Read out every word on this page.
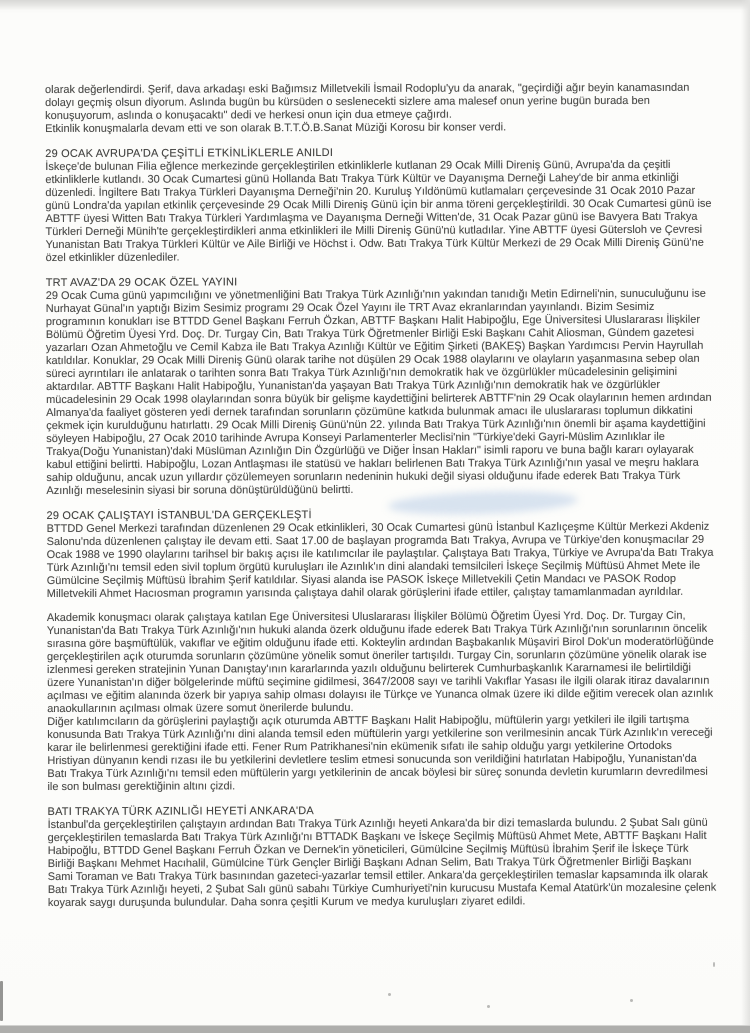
olarak değerlendirdi. Şerif, dava arkadaşı eski Bağımsız Milletvekili İsmail Rodoplu'yu da anarak, "geçirdiği ağır beyin kanamasından dolayı geçmiş olsun diyorum. Aslında bugün bu kürsüden o seslenecekti sizlere ama malesef onun yerine bugün burada ben konuşuyorum, aslında o konuşacaktı" dedi ve herkesi onun için dua etmeye çağırdı.

Etkinlik konuşmalarla devam etti ve son olarak B.T.T.Ö.B.Sanat Müziği Korosu bir konser verdi.

29 OCAK AVRUPA'DA ÇEŞİTLİ ETKİNLİKLERLE ANILDI

İskeçe'de bulunan Filia eğlence merkezinde gerçekleştirilen etkinliklerle kutlanan 29 Ocak Milli Direniş Günü, Avrupa'da da çeşitli etkinliklerle kutlandı. 30 Ocak Cumartesi günü Hollanda Batı Trakya Türk Kültür ve Dayanışma Derneği Lahey'de bir anma etkinliği düzenledi. İngiltere Batı Trakya Türkleri Dayanışma Derneği'nin 20. Kuruluş Yıldönümü kutlamaları çerçevesinde 31 Ocak 2010 Pazar günü Londra'da yapılan etkinlik çerçevesinde 29 Ocak Milli Direniş Günü için bir anma töreni gerçekleştirildi. 30 Ocak Cumartesi günü ise ABTTF üyesi Witten Batı Trakya Türkleri Yardımlaşma ve Dayanışma Derneği Witten'de, 31 Ocak Pazar günü ise Bavyera Batı Trakya Türkleri Derneği Münih'te gerçekleştirdikleri anma etkinlikleri ile Milli Direniş Günü'nü kutladılar. Yine ABTTF üyesi Gütersloh ve Çevresi Yunanistan Batı Trakya Türkleri Kültür ve Aile Birliği ve Höchst i. Odw. Batı Trakya Türk Kültür Merkezi de 29 Ocak Milli Direniş Günü'ne özel etkinlikler düzenlediler.

TRT AVAZ'DA 29 OCAK ÖZEL YAYINI

29 Ocak Cuma günü yapımcılığını ve yönetmenliğini Batı Trakya Türk Azınlığı'nın yakından tanıdığı Metin Edirneli'nin, sunuculuğunu ise Nurhayat Günal'ın yaptığı Bizim Sesimiz programı 29 Ocak Özel Yayını ile TRT Avaz ekranlarından yayınlandı. Bizim Sesimiz programının konukları ise BTTDD Genel Başkanı Ferruh Özkan, ABTTF Başkanı Halit Habipoğlu, Ege Üniversitesi Uluslararası İlişkiler Bölümü Öğretim Üyesi Yrd. Doç. Dr. Turgay Cin, Batı Trakya Türk Öğretmenler Birliği Eski Başkanı Cahit Aliosman, Gündem gazetesi yazarları Ozan Ahmetoğlu ve Cemil Kabza ile Batı Trakya Azınlığı Kültür ve Eğitim Şirketi (BAKEŞ) Başkan Yardımcısı Pervin Hayrullah katıldılar. Konuklar, 29 Ocak Milli Direniş Günü olarak tarihe not düşülen 29 Ocak 1988 olaylarını ve olayların yaşanmasına sebep olan süreci ayrıntıları ile anlatarak o tarihten sonra Batı Trakya Türk Azınlığı'nın demokratik hak ve özgürlükler mücadelesinin gelişimini aktardılar. ABTTF Başkanı Halit Habipoğlu, Yunanistan'da yaşayan Batı Trakya Türk Azınlığı'nın demokratik hak ve özgürlükler mücadelesinin 29 Ocak 1998 olaylarından sonra büyük bir gelişme kaydettiğini belirterek ABTTF'nin 29 Ocak olaylarının hemen ardından Almanya'da faaliyet gösteren yedi dernek tarafından sorunların çözümüne katkıda bulunmak amacı ile uluslararası toplumun dikkatini çekmek için kurulduğunu hatırlattı. 29 Ocak Milli Direniş Günü'nün 22. yılında Batı Trakya Türk Azınlığı'nın önemli bir aşama kaydettiğini söyleyen Habipoğlu, 27 Ocak 2010 tarihinde Avrupa Konseyi Parlamenterler Meclisi'nin "Türkiye'deki Gayri-Müslim Azınlıklar ile Trakya(Doğu Yunanistan)'daki Müslüman Azınlığın Din Özgürlüğü ve Diğer İnsan Hakları" isimli raporu ve buna bağlı kararı oylayarak kabul ettiğini belirtti. Habipoğlu, Lozan Antlaşması ile statüsü ve hakları belirlenen Batı Trakya Türk Azınlığı'nın yasal ve meşru haklara sahip olduğunu, ancak uzun yıllardır çözülemeyen sorunların nedeninin hukuki değil siyasi olduğunu ifade ederek Batı Trakya Türk Azınlığı meselesinin siyasi bir soruna dönüştürüldüğünü belirtti.

29 OCAK ÇALIŞTAYI İSTANBUL'DA GERÇEKLEŞTİ

BTTDD Genel Merkezi tarafından düzenlenen 29 Ocak etkinlikleri, 30 Ocak Cumartesi günü İstanbul Kazlıçeşme Kültür Merkezi Akdeniz Salonu'nda düzenlenen çalıştay ile devam etti. Saat 17.00 de başlayan programda Batı Trakya, Avrupa ve Türkiye'den konuşmacılar 29 Ocak 1988 ve 1990 olaylarını tarihsel bir bakış açısı ile katılımcılar ile paylaştılar. Çalıştaya Batı Trakya, Türkiye ve Avrupa'da Batı Trakya Türk Azınlığı'nı temsil eden sivil toplum örgütü kuruluşları ile Azınlık'ın dini alandaki temsilcileri İskeçe Seçilmiş Müftüsü Ahmet Mete ile Gümülcine Seçilmiş Müftüsü İbrahim Şerif katıldılar. Siyasi alanda ise PASOK İskeçe Milletvekili Çetin Mandacı ve PASOK Rodop Milletvekili Ahmet Hacıosman programın yarısında çalıştaya dahil olarak görüşlerini ifade ettiler, çalıştay tamamlanmadan ayrıldılar.

Akademik konuşmacı olarak çalıştaya katılan Ege Üniversitesi Uluslararası İlişkiler Bölümü Öğretim Üyesi Yrd. Doç. Dr. Turgay Cin, Yunanistan'da Batı Trakya Türk Azınlığı'nın hukuki alanda özerk olduğunu ifade ederek Batı Trakya Türk Azınlığı'nın sorunlarının öncelik sırasına göre başmüftülük, vakıflar ve eğitim olduğunu ifade etti. Kokteylin ardından Başbakanlık Müşaviri Birol Dok'un moderatörlüğünde gerçekleştirilen açık oturumda sorunların çözümüne yönelik somut öneriler tartışıldı. Turgay Cin, sorunların çözümüne yönelik olarak ise izlenmesi gereken stratejinin Yunan Danıştay'ının kararlarında yazılı olduğunu belirterek Cumhurbaşkanlık Kararnamesi ile belirtildiği üzere Yunanistan'ın diğer bölgelerinde müftü seçimine gidilmesi, 3647/2008 sayı ve tarihli Vakıflar Yasası ile ilgili olarak itiraz davalarının açılması ve eğitim alanında özerk bir yapıya sahip olması dolayısı ile Türkçe ve Yunanca olmak üzere iki dilde eğitim verecek olan azınlık anaokullarının açılması olmak üzere somut önerilerde bulundu.

Diğer katılımcıların da görüşlerini paylaştığı açık oturumda ABTTF Başkanı Halit Habipoğlu, müftülerin yargı yetkileri ile ilgili tartışma konusunda Batı Trakya Türk Azınlığı'nı dini alanda temsil eden müftülerin yargı yetkilerine son verilmesinin ancak Türk Azınlık'ın vereceği karar ile belirlenmesi gerektiğini ifade etti. Fener Rum Patrikhanesi'nin ekümenik sıfatı ile sahip olduğu yargı yetkilerine Ortodoks Hristiyan dünyanın kendi rızası ile bu yetkilerini devletlere teslim etmesi sonucunda son verildiğini hatırlatan Habipoğlu, Yunanistan'da Batı Trakya Türk Azınlığı'nı temsil eden müftülerin yargı yetkilerinin de ancak böylesi bir süreç sonunda devletin kurumların devredilmesi ile son bulması gerektiğinin altını çizdi.

BATI TRAKYA TÜRK AZINLIĞI HEYETİ ANKARA'DA

İstanbul'da gerçekleştirilen çalıştayın ardından Batı Trakya Türk Azınlığı heyeti Ankara'da bir dizi temaslarda bulundu. 2 Şubat Salı günü gerçekleştirilen temaslarda Batı Trakya Türk Azınlığı'nı BTTADK Başkanı ve İskeçe Seçilmiş Müftüsü Ahmet Mete, ABTTF Başkanı Halit Habipoğlu, BTTDD Genel Başkanı Ferruh Özkan ve Dernek'in yöneticileri, Gümülcine Seçilmiş Müftüsü İbrahim Şerif ile İskeçe Türk Birliği Başkanı Mehmet Hacıhalil, Gümülcine Türk Gençler Birliği Başkanı Adnan Selim, Batı Trakya Türk Öğretmenler Birliği Başkanı Sami Toraman ve Batı Trakya Türk basınından gazeteci-yazarlar temsil ettiler. Ankara'da gerçekleştirilen temaslar kapsamında ilk olarak Batı Trakya Türk Azınlığı heyeti, 2 Şubat Salı günü sabahı Türkiye Cumhuriyeti'nin kurucusu Mustafa Kemal Atatürk'ün mozalesine çelenk koyarak saygı duruşunda bulundular. Daha sonra çeşitli Kurum ve medya kuruluşları ziyaret edildi.
